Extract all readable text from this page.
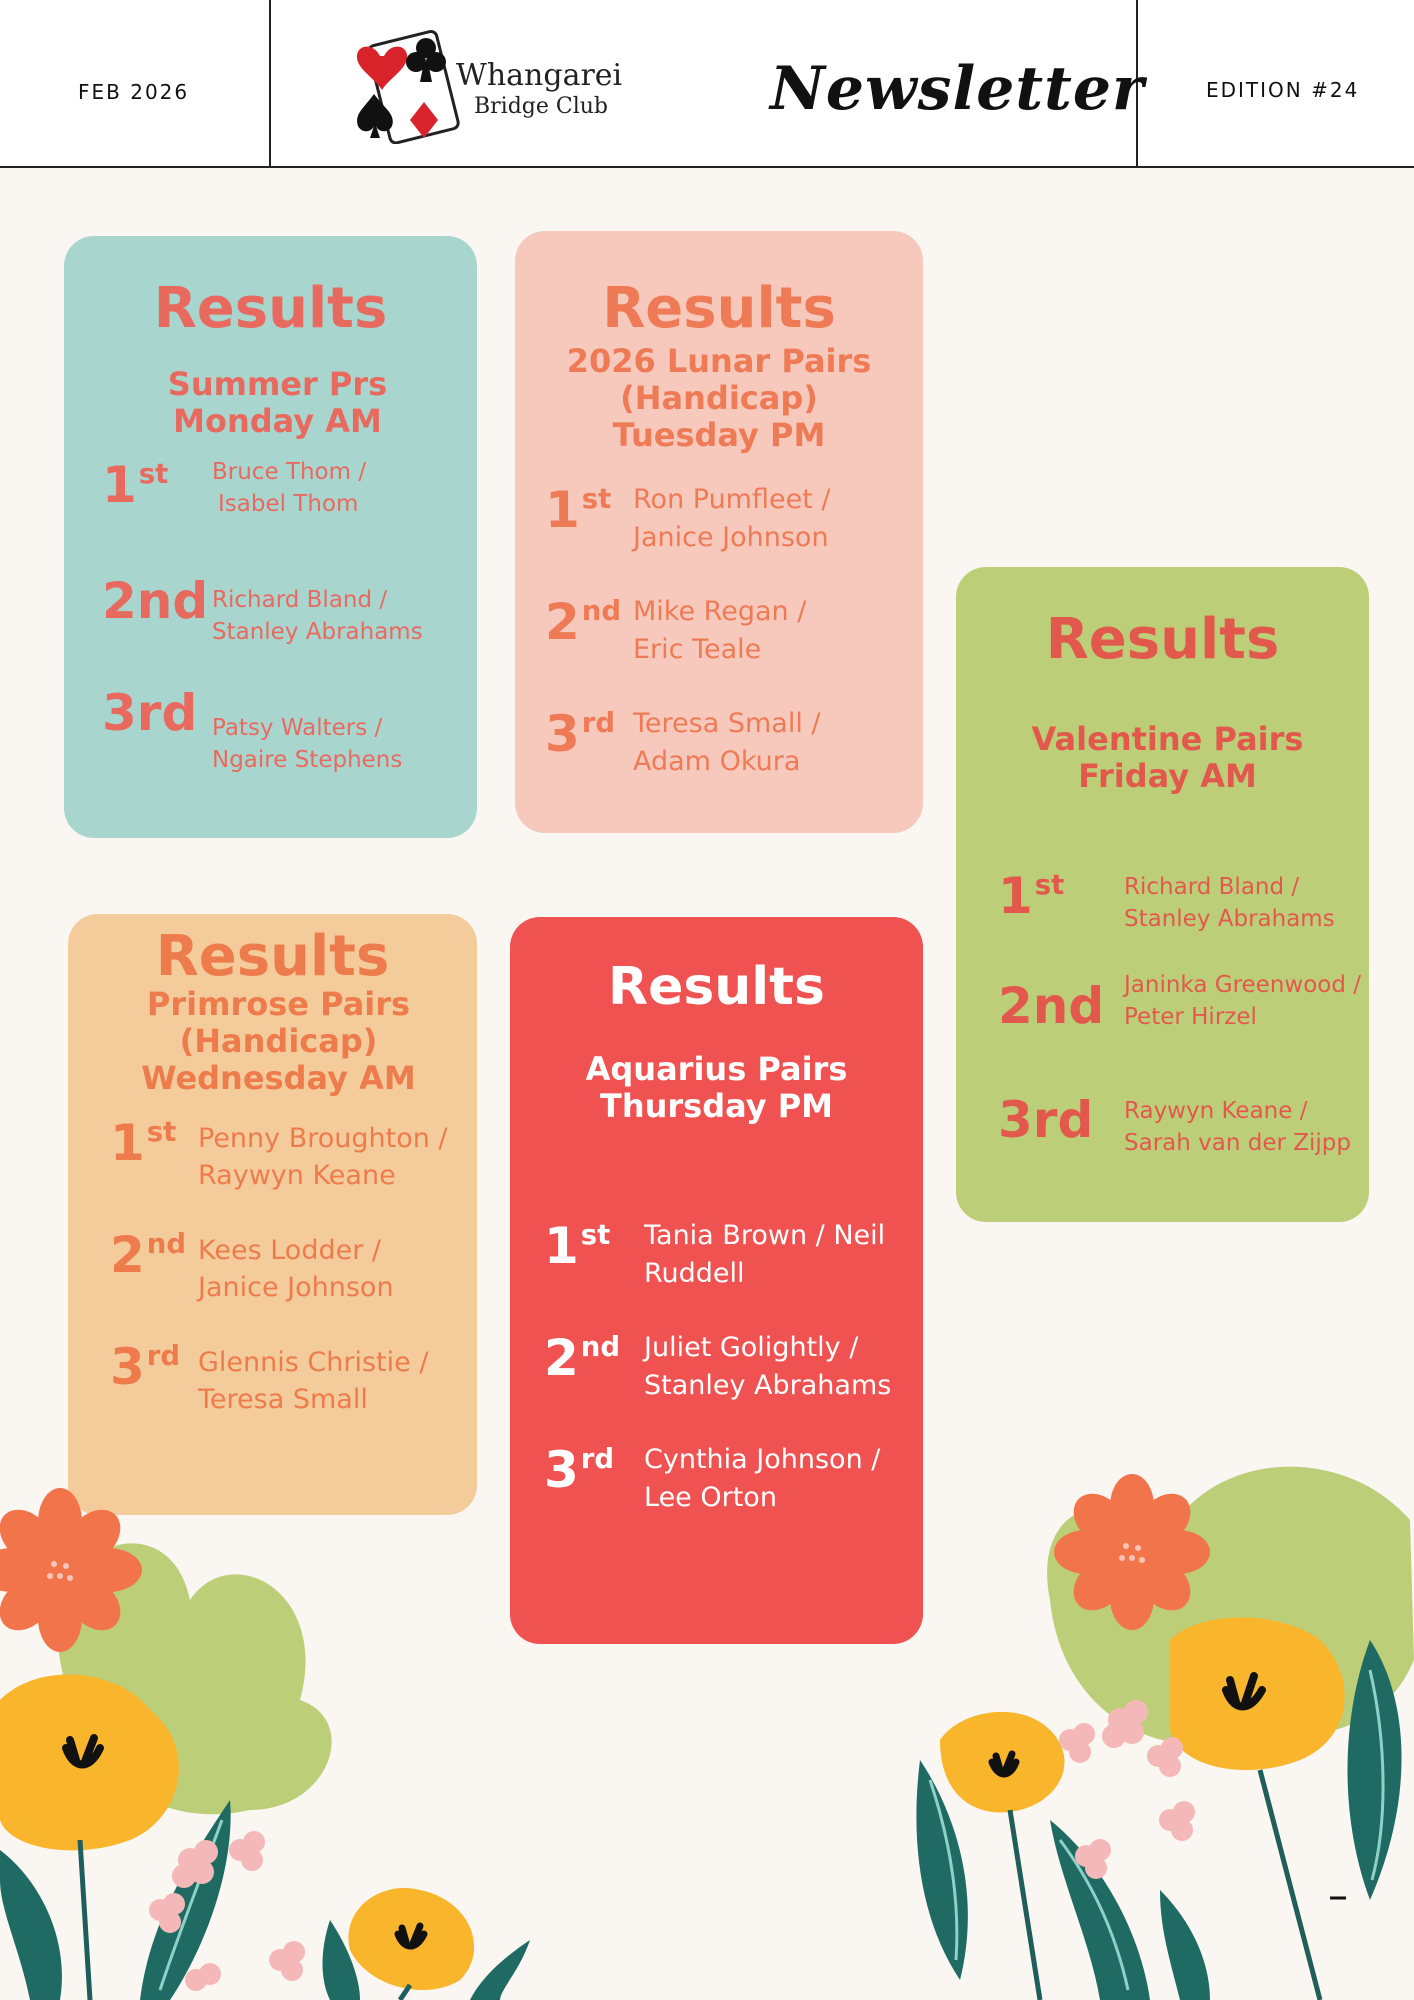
FEB 2026	Whangarei
Bridge Club	Newsletter	EDITION #24
Results
Summer Prs
Monday AM
1st Bruce Thom /
Isabel Thom
2nd Richard Bland /
Stanley Abrahams
3rd Patsy Walters /
Ngaire Stephens
Results
2026 Lunar Pairs
(Handicap)
Tuesday PM
1st Ron Pumfleet /
Janice Johnson
2nd Mike Regan /
Eric Teale
3rd Teresa Small /
Adam Okura
Results
Valentine Pairs
Friday AM
1st	Richard Bland /
Stanley Abrahams
2nd Janinka Greenwood /
Peter Hirzel
3rd Raywyn Keane /
Sarah van der Zijpp
Results
Primrose Pairs
(Handicap)
Wednesday AM
1st Penny Broughton /
Raywyn Keane
2nd Kees Lodder /
Janice Johnson
3rd Glennis Christie /
Teresa Small
Results
Aquarius Pairs
Thursday PM
1st Tania Brown / Neil
Ruddell
2nd Juliet Golightly /
Stanley Abrahams
3rd Cynthia Johnson /
Lee Orton
